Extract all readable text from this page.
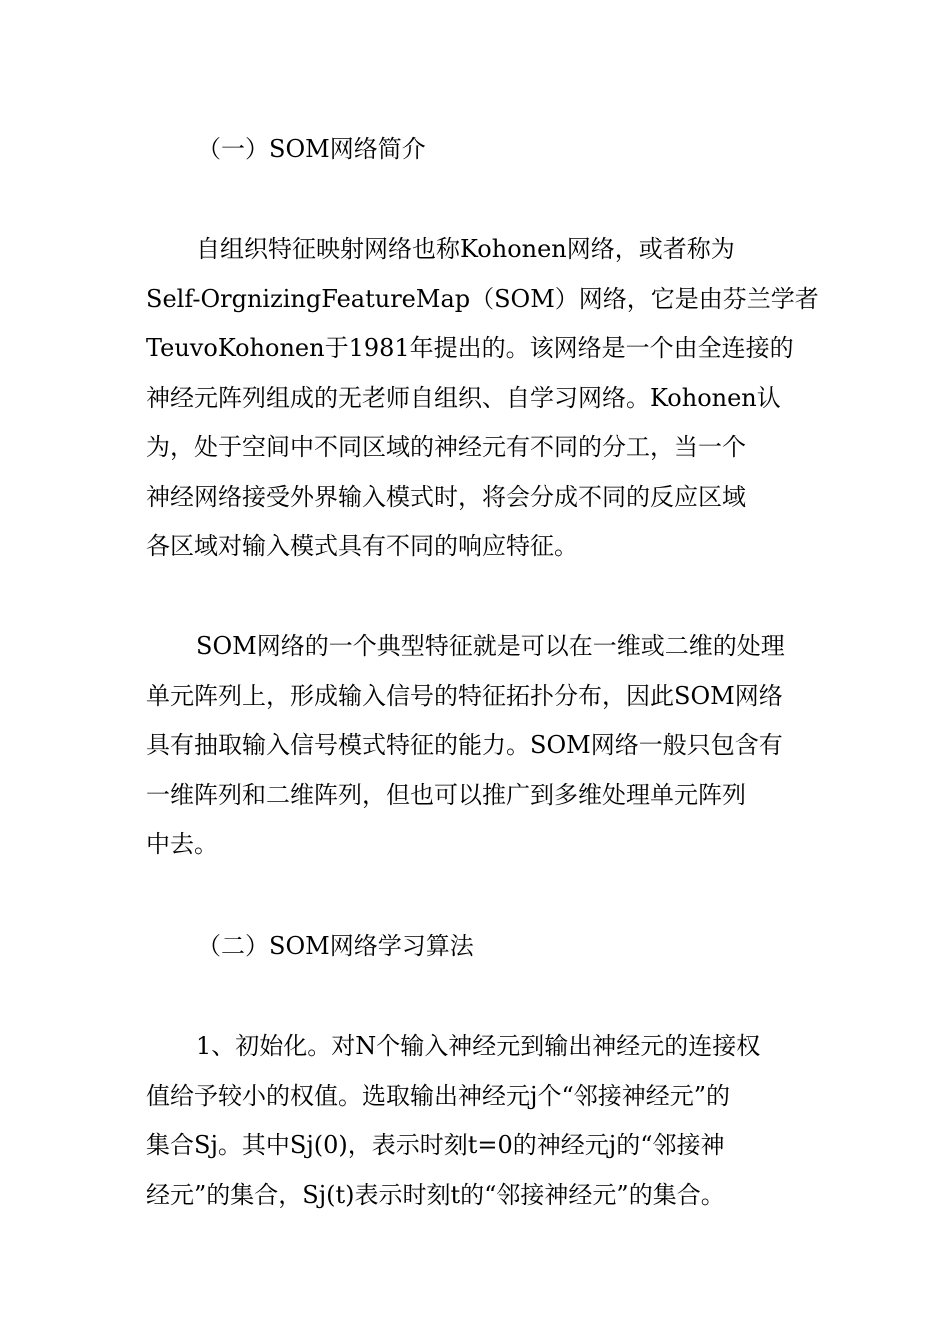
（一）SOM网络简介
自组织特征映射网络也称Kohonen网络，或者称为
Self-OrgnizingFeatureMap（SOM）网络，它是由芬兰学者
TeuvoKohonen于1981年提出的。该网络是一个由全连接的
神经元阵列组成的无老师自组织、自学习网络。Kohonen认
为，处于空间中不同区域的神经元有不同的分工，当一个
神经网络接受外界输入模式时，将会分成不同的反应区域
各区域对输入模式具有不同的响应特征。
SOM网络的一个典型特征就是可以在一维或二维的处理
单元阵列上，形成输入信号的特征拓扑分布，因此SOM网络
具有抽取输入信号模式特征的能力。SOM网络一般只包含有
一维阵列和二维阵列，但也可以推广到多维处理单元阵列
中去。
（二）SOM网络学习算法
1、初始化。对N个输入神经元到输出神经元的连接权
值给予较小的权值。选取输出神经元j个“邻接神经元”的
集合Sj。其中Sj(0)，表示时刻t=0的神经元j的“邻接神
经元”的集合，Sj(t)表示时刻t的“邻接神经元”的集合。
